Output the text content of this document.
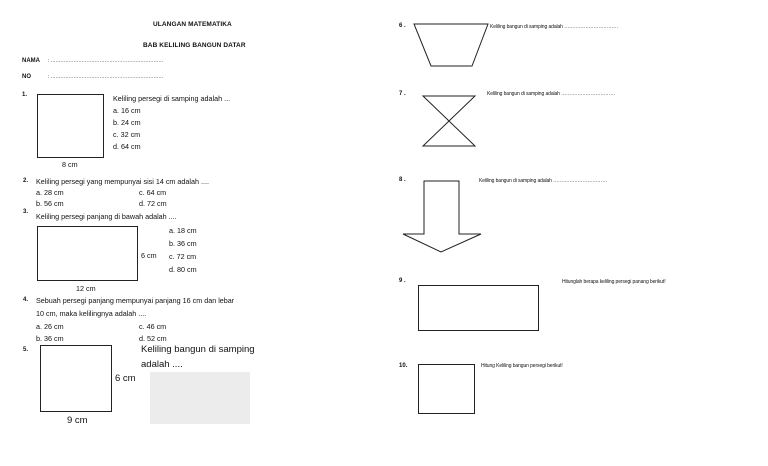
ULANGAN MATEMATIKA
BAB KELILING BANGUN DATAR
NAMA : ……………………………………………………………
NO	: ……………………………………………………………
1.
8 cm
Keliling persegi di samping adalah ...
a. 16 cm
b. 24 cm
c. 32 cm
d. 64 cm
2. Keliling persegi yang mempunyai sisi 14 cm adalah ....
a. 28 cm	c. 64 cm
b. 56 cm	d. 72 cm
3. Keliling persegi panjang di bawah adalah ....
6 cm
12 cm
a. 18 cm
b. 36 cm
c. 72 cm
d. 80 cm
4. Sebuah persegi panjang mempunyai panjang 16 cm dan lebar
10 cm, maka kelilingnya adalah ....
a. 26 cm	c. 46 cm
b. 36 cm	d. 52 cm
5.
6 cm
9 cm
Keliling bangun di samping
adalah ....
6 .	Keliling bangun di samping adalah ……………………………
7 .	Keliling bangun di samping adalah ……………………………
8 .	Keliling bangun di samping adalah ……………………………
9 .	Hitunglah berapa keliling persegi panang berikut!
10.	Hitung Keliling bangun persegi berikut!
